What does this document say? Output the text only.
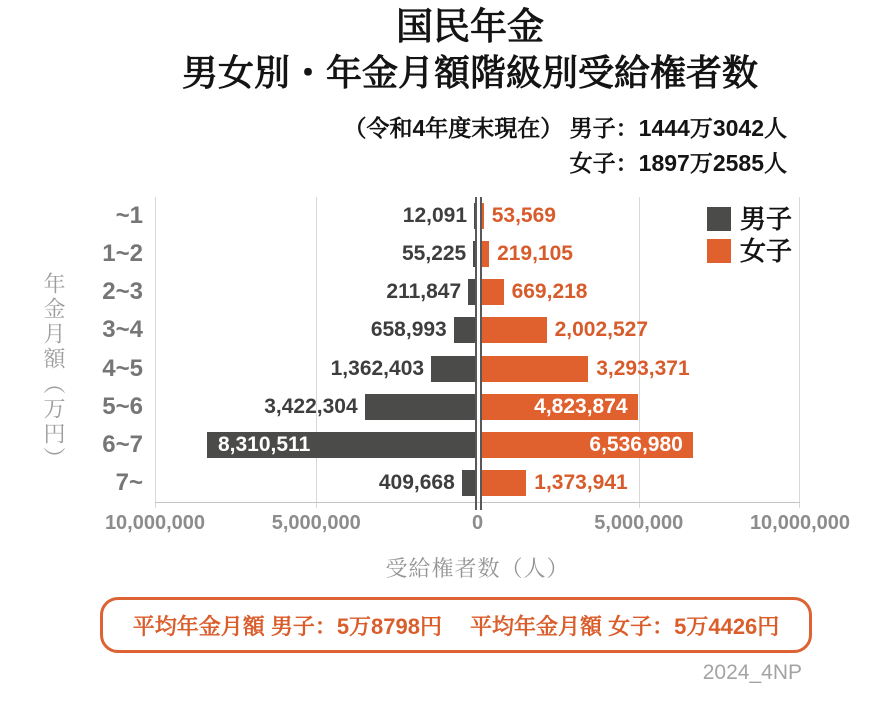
国民年金
男女別・年金月額階級別受給権者数
（令和4年度末現在） 男子：1444万3042人
女子：1897万2585人
年金月額（万円）
10,000,000	5,000,000	0	5,000,000	10,000,000
~1	12,091 53,569
1~2	55,225 219,105
2~3	211,847 669,218
3~4	658,993	2,002,527
4~5	1,362,403	3,293,371
5~6	3,422,304	4,823,874
6~7	8,310,511	6,536,980
7~	409,668	1,373,941
受給権者数（人）
男子
女子
平均年金月額 男子：5万8798円 平均年金月額 女子：5万4426円
2024_4NP
